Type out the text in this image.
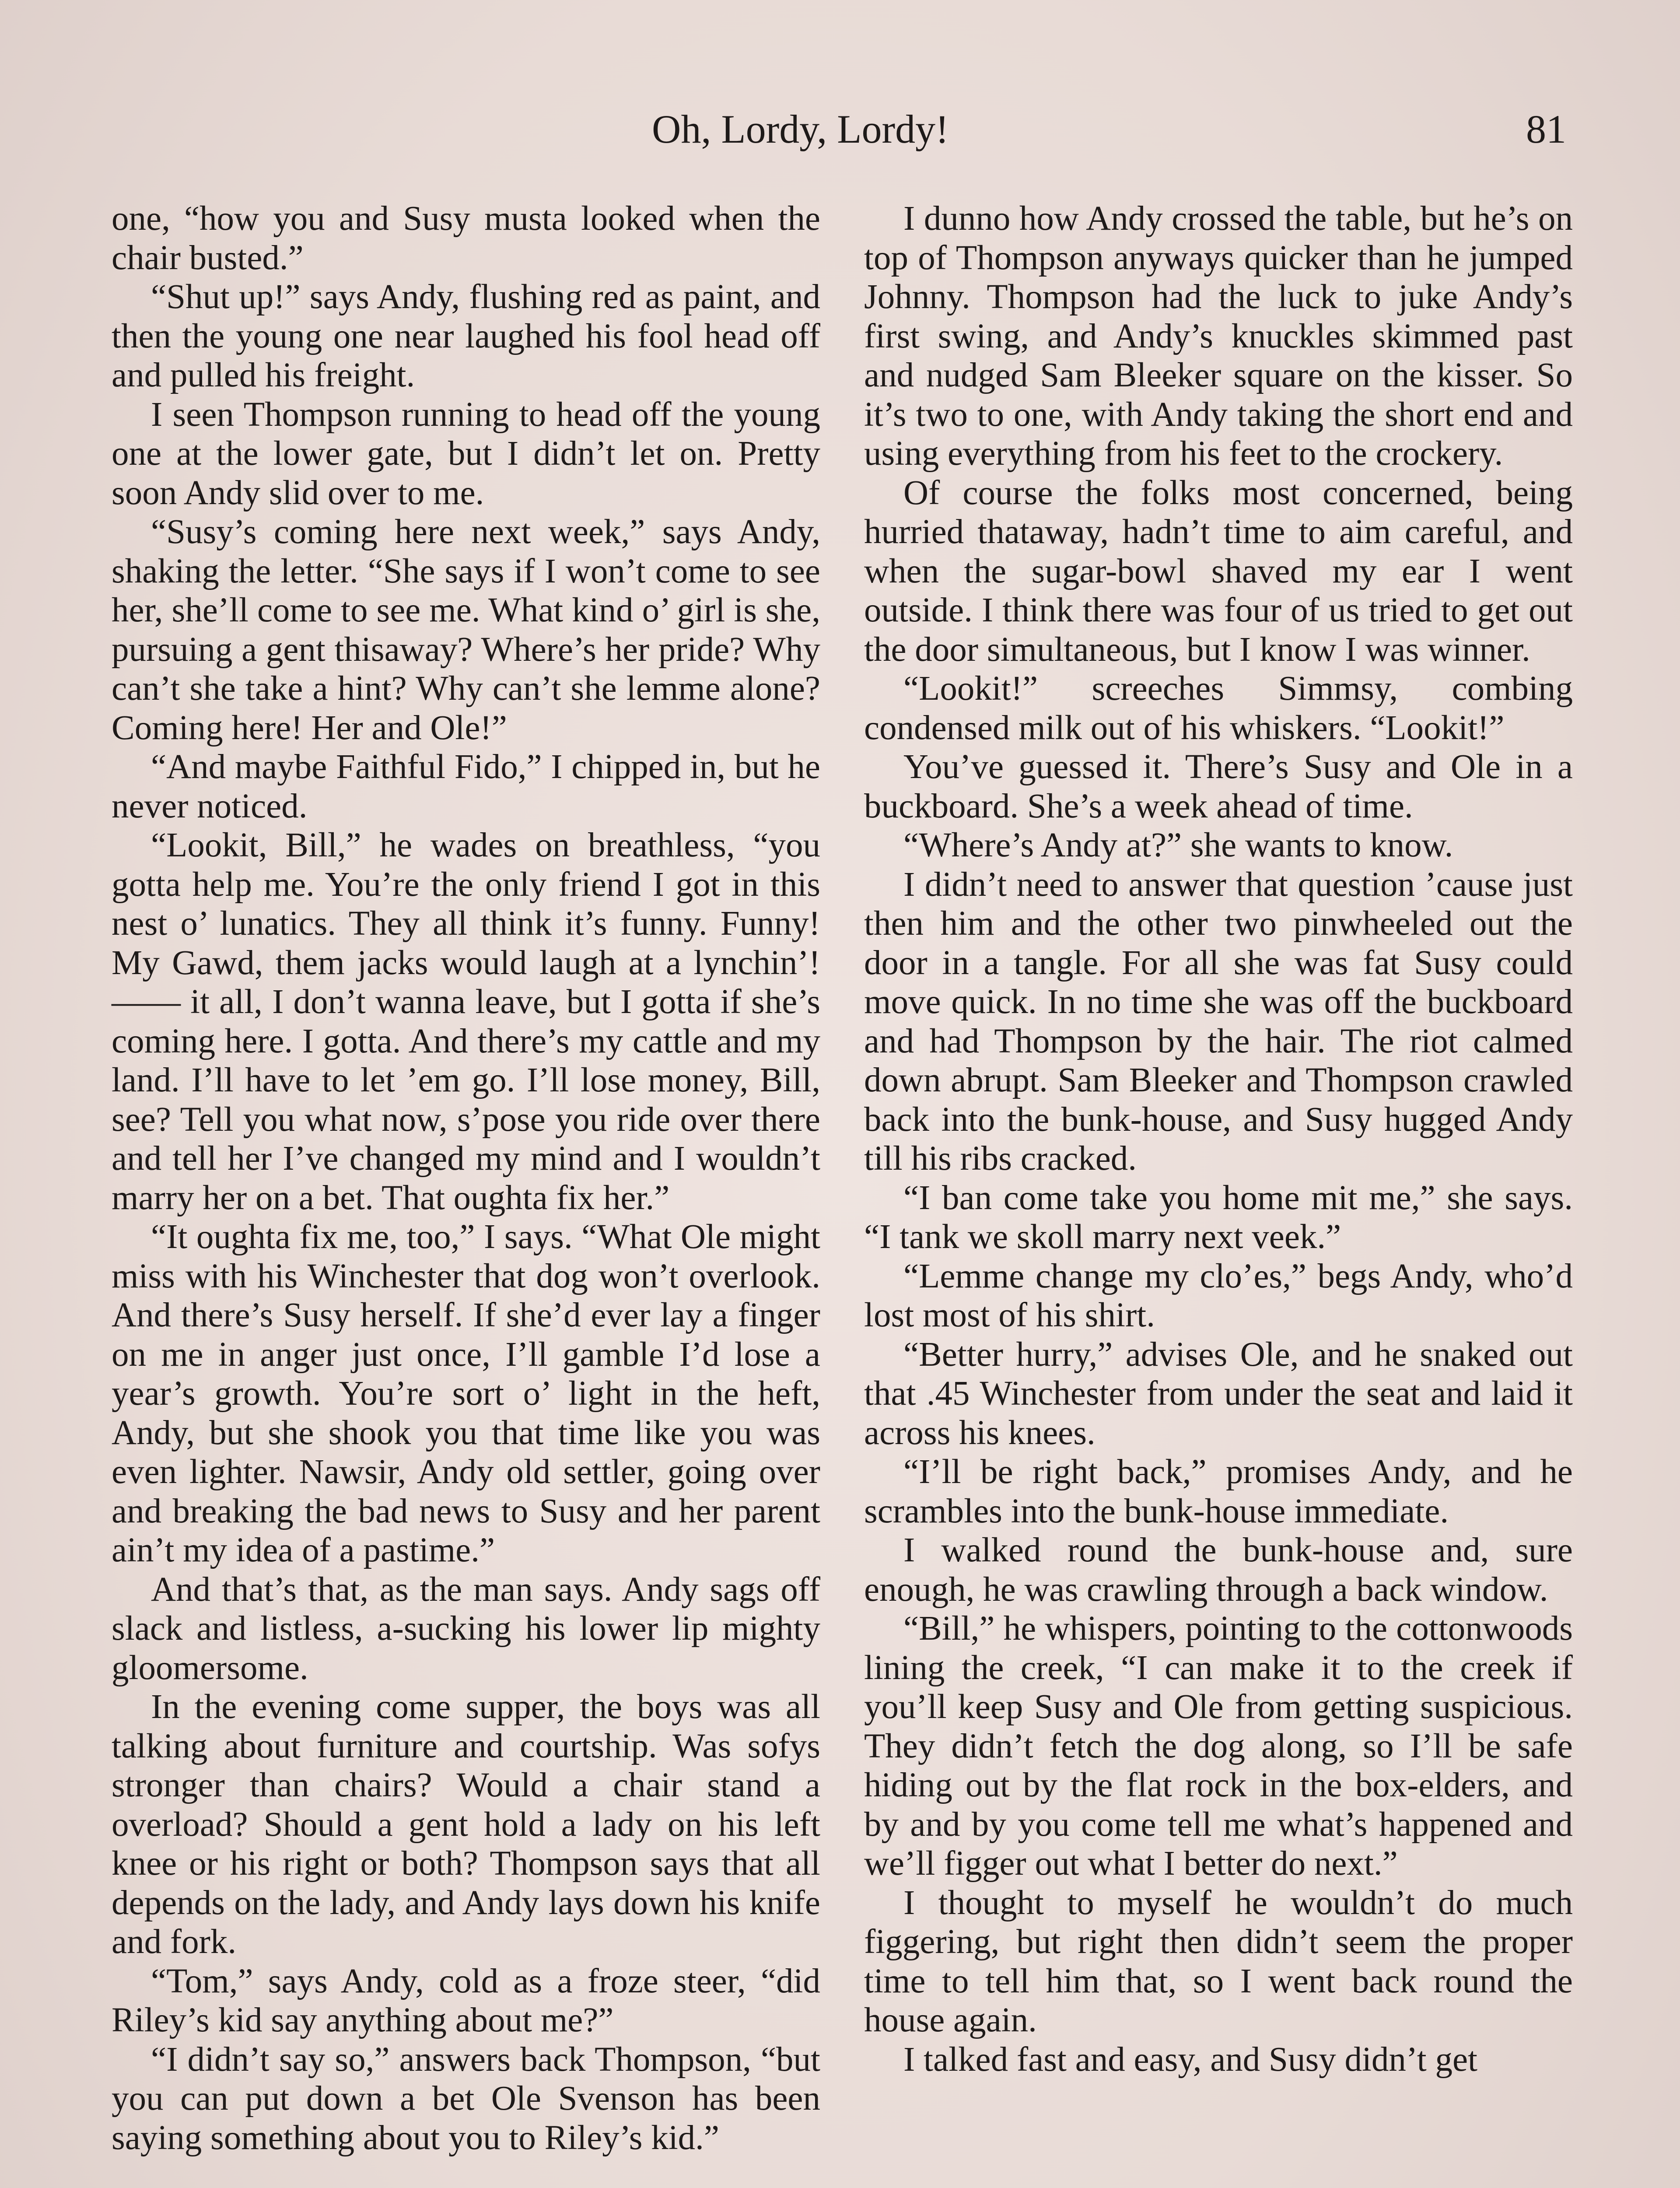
Oh, Lordy, Lordy!	81

one, “how you and Susy musta looked when the chair busted.”

“Shut up!” says Andy, flushing red as paint, and then the young one near laughed his fool head off and pulled his freight.

I seen Thompson running to head off the young one at the lower gate, but I didn’t let on. Pretty soon Andy slid over to me.

“Susy’s coming here next week,” says Andy, shaking the letter. “She says if I won’t come to see her, she’ll come to see me. What kind o’ girl is she, pursuing a gent thisaway? Where’s her pride? Why can’t she take a hint? Why can’t she lemme alone? Coming here! Her and Ole!”

“And maybe Faithful Fido,” I chipped in, but he never noticed.

“Lookit, Bill,” he wades on breathless, “you gotta help me. You’re the only friend I got in this nest o’ lunatics. They all think it’s funny. Funny! My Gawd, them jacks would laugh at a lynchin’! —— it all, I don’t wanna leave, but I gotta if she’s coming here. I gotta. And there’s my cattle and my land. I’ll have to let ’em go. I’ll lose money, Bill, see? Tell you what now, s’pose you ride over there and tell her I’ve changed my mind and I wouldn’t marry her on a bet. That oughta fix her.”

“It oughta fix me, too,” I says. “What Ole might miss with his Winchester that dog won’t overlook. And there’s Susy herself. If she’d ever lay a finger on me in anger just once, I’ll gamble I’d lose a year’s growth. You’re sort o’ light in the heft, Andy, but she shook you that time like you was even lighter. Nawsir, Andy old settler, going over and breaking the bad news to Susy and her parent ain’t my idea of a pastime.”

And that’s that, as the man says. Andy sags off slack and listless, a-sucking his lower lip mighty gloomersome.

In the evening come supper, the boys was all talking about furniture and courtship. Was sofys stronger than chairs? Would a chair stand a overload? Should a gent hold a lady on his left knee or his right or both? Thompson says that all depends on the lady, and Andy lays down his knife and fork.

“Tom,” says Andy, cold as a froze steer, “did Riley’s kid say anything about me?”

“I didn’t say so,” answers back Thompson, “but you can put down a bet Ole Svenson has been saying something about you to Riley’s kid.”

I dunno how Andy crossed the table, but he’s on top of Thompson anyways quicker than he jumped Johnny. Thompson had the luck to juke Andy’s first swing, and Andy’s knuckles skimmed past and nudged Sam Bleeker square on the kisser. So it’s two to one, with Andy taking the short end and using everything from his feet to the crockery.

Of course the folks most concerned, being hurried thataway, hadn’t time to aim careful, and when the sugar-bowl shaved my ear I went outside. I think there was four of us tried to get out the door simultaneous, but I know I was winner.

“Lookit!” screeches Simmsy, combing condensed milk out of his whiskers. “Lookit!”

You’ve guessed it. There’s Susy and Ole in a buckboard. She’s a week ahead of time.

“Where’s Andy at?” she wants to know.

I didn’t need to answer that question ’cause just then him and the other two pinwheeled out the door in a tangle. For all she was fat Susy could move quick. In no time she was off the buckboard and had Thompson by the hair. The riot calmed down abrupt. Sam Bleeker and Thompson crawled back into the bunk-house, and Susy hugged Andy till his ribs cracked.

“I ban come take you home mit me,” she says. “I tank we skoll marry next veek.”

“Lemme change my clo’es,” begs Andy, who’d lost most of his shirt.

“Better hurry,” advises Ole, and he snaked out that .45 Winchester from under the seat and laid it across his knees.

“I’ll be right back,” promises Andy, and he scrambles into the bunk-house immediate.

I walked round the bunk-house and, sure enough, he was crawling through a back window.

“Bill,” he whispers, pointing to the cottonwoods lining the creek, “I can make it to the creek if you’ll keep Susy and Ole from getting suspicious. They didn’t fetch the dog along, so I’ll be safe hiding out by the flat rock in the box-elders, and by and by you come tell me what’s happened and we’ll figger out what I better do next.”

I thought to myself he wouldn’t do much figgering, but right then didn’t seem the proper time to tell him that, so I went back round the house again.

I talked fast and easy, and Susy didn’t get
